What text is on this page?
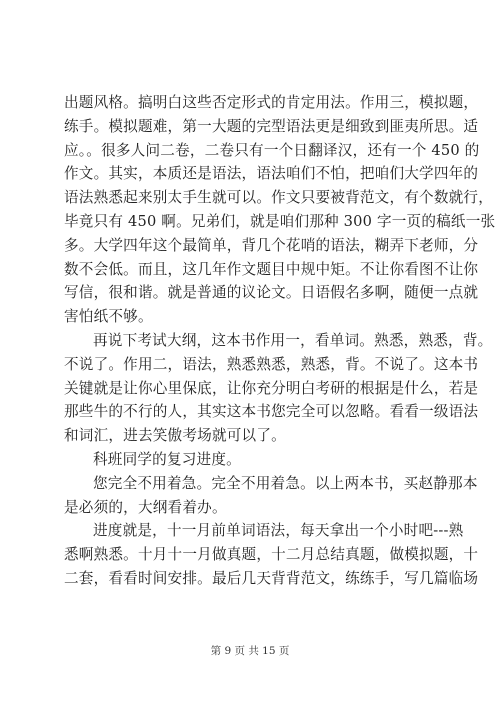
出题风格。搞明白这些否定形式的肯定用法。作用三，模拟题，
练手。模拟题难，第一大题的完型语法更是细致到匪夷所思。适
应。。很多人问二卷，二卷只有一个日翻译汉，还有一个 450 的
作文。其实，本质还是语法，语法咱们不怕，把咱们大学四年的
语法熟悉起来别太手生就可以。作文只要被背范文，有个数就行，
毕竟只有 450 啊。兄弟们，就是咱们那种 300 字一页的稿纸一张
多。大学四年这个最简单，背几个花哨的语法，糊弄下老师，分
数不会低。而且，这几年作文题目中规中矩。不让你看图不让你
写信，很和谐。就是普通的议论文。日语假名多啊，随便一点就
害怕纸不够。
再说下考试大纲，这本书作用一，看单词。熟悉，熟悉，背。
不说了。作用二，语法，熟悉熟悉，熟悉，背。不说了。这本书
关键就是让你心里保底，让你充分明白考研的根据是什么，若是
那些牛的不行的人，其实这本书您完全可以忽略。看看一级语法
和词汇，进去笑傲考场就可以了。
科班同学的复习进度。
您完全不用着急。完全不用着急。以上两本书，买赵静那本
是必须的，大纲看着办。
进度就是，十一月前单词语法，每天拿出一个小时吧---熟
悉啊熟悉。十月十一月做真题，十二月总结真题，做模拟题，十
二套，看看时间安排。最后几天背背范文，练练手，写几篇临场
第 9 页 共 15 页
